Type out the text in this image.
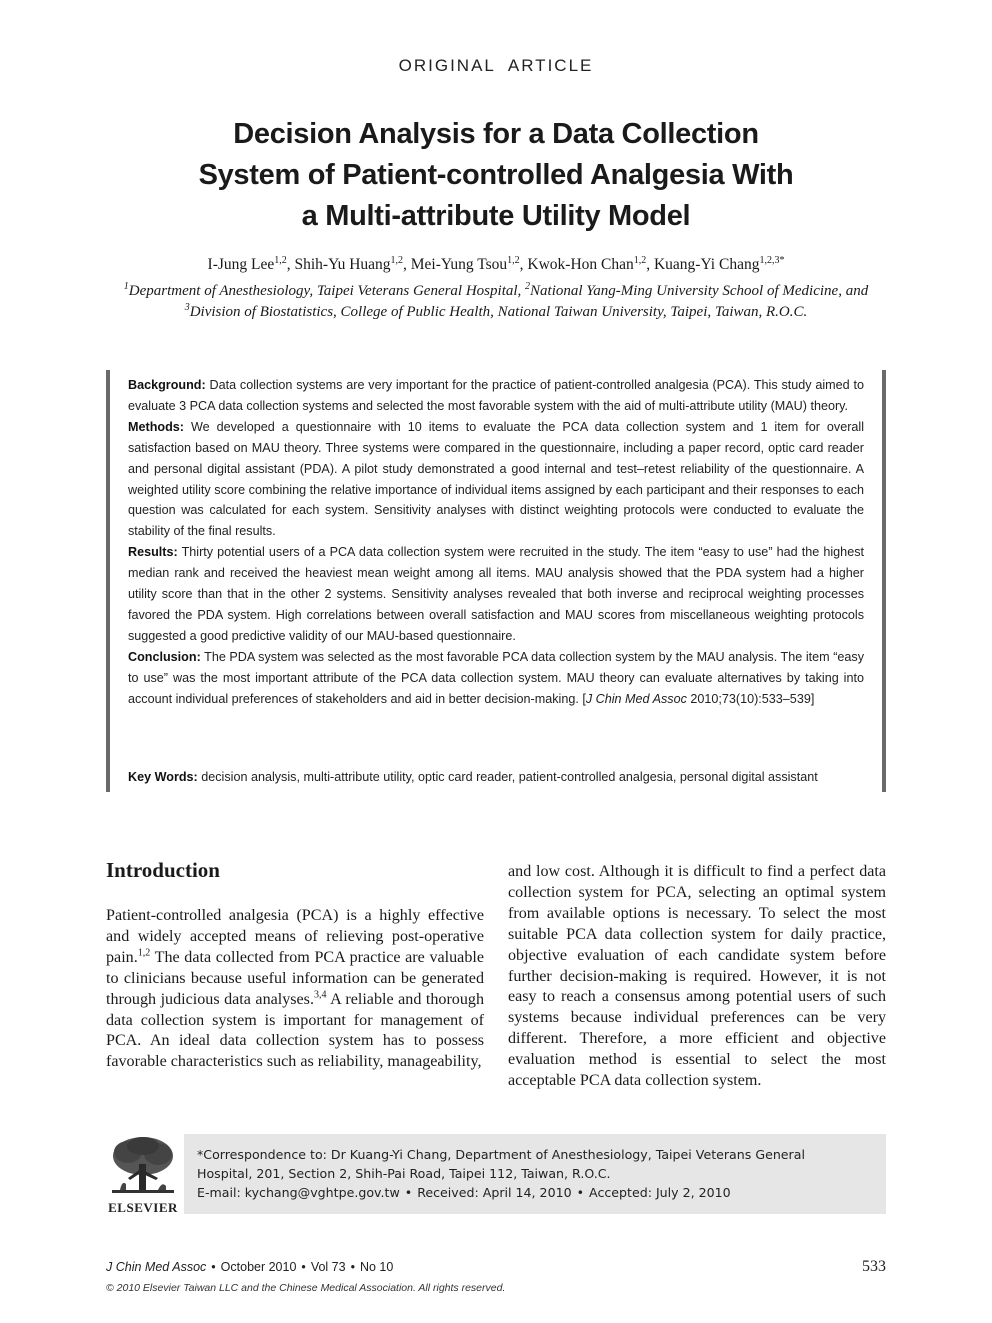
ORIGINAL ARTICLE
Decision Analysis for a Data Collection
System of Patient-controlled Analgesia With
a Multi-attribute Utility Model
I-Jung Lee$^{1,2}$, Shih-Yu Huang$^{1,2}$, Mei-Yung Tsou$^{1,2}$, Kwok-Hon Chan$^{1,2}$, Kuang-Yi Chang$^{1,2,3*}$
$^1$Department of Anesthesiology, Taipei Veterans General Hospital, $^2$National Yang-Ming University School of Medicine, and
$^3$Division of Biostatistics, College of Public Health, National Taiwan University, Taipei, Taiwan, R.O.C.

Background: Data collection systems are very important for the practice of patient-controlled analgesia (PCA). This study aimed to evaluate 3 PCA data collection systems and selected the most favorable system with the aid of multi-attribute utility (MAU) theory.

Methods: We developed a questionnaire with 10 items to evaluate the PCA data collection system and 1 item for overall satisfaction based on MAU theory. Three systems were compared in the questionnaire, including a paper record, optic card reader and personal digital assistant (PDA). A pilot study demonstrated a good internal and test–retest reliability of the questionnaire. A weighted utility score combining the relative importance of individual items assigned by each participant and their responses to each question was calculated for each system. Sensitivity analyses with distinct weighting protocols were conducted to evaluate the stability of the final results.

Results: Thirty potential users of a PCA data collection system were recruited in the study. The item “easy to use” had the highest median rank and received the heaviest mean weight among all items. MAU analysis showed that the PDA system had a higher utility score than that in the other 2 systems. Sensitivity analyses revealed that both inverse and reciprocal weighting processes favored the PDA system. High correlations between overall satisfaction and MAU scores from miscellaneous weighting protocols suggested a good predictive validity of our MAU-based questionnaire.

Conclusion: The PDA system was selected as the most favorable PCA data collection system by the MAU analysis. The item “easy to use” was the most important attribute of the PCA data collection system. MAU theory can evaluate alternatives by taking into account individual preferences of stakeholders and aid in better decision-making. [J Chin Med Assoc 2010;73(10):533–539]

Key Words: decision analysis, multi-attribute utility, optic card reader, patient-controlled analgesia, personal digital assistant

Introduction

Patient-controlled analgesia (PCA) is a highly effective and widely accepted means of relieving post-operative pain.$^{1,2}$ The data collected from PCA practice are valuable to clinicians because useful information can be generated through judicious data analyses.$^{3,4}$ A reliable and thorough data collection system is important for management of PCA. An ideal data collection system has to possess favorable characteristics such as reliability, manageability,

and low cost. Although it is difficult to find a perfect data collection system for PCA, selecting an optimal system from available options is necessary. To select the most suitable PCA data collection system for daily practice, objective evaluation of each candidate system before further decision-making is required. However, it is not easy to reach a consensus among potential users of such systems because individual preferences can be very different. Therefore, a more efficient and objective evaluation method is essential to select the most acceptable PCA data collection system.

ELSEVIER
*Correspondence to: Dr Kuang-Yi Chang, Department of Anesthesiology, Taipei Veterans General
Hospital, 201, Section 2, Shih-Pai Road, Taipei 112, Taiwan, R.O.C.
E-mail: kychang@vghtpe.gov.tw • Received: April 14, 2010 • Accepted: July 2, 2010
J Chin Med Assoc • October 2010 • Vol 73 • No 10
© 2010 Elsevier Taiwan LLC and the Chinese Medical Association. All rights reserved.
533
